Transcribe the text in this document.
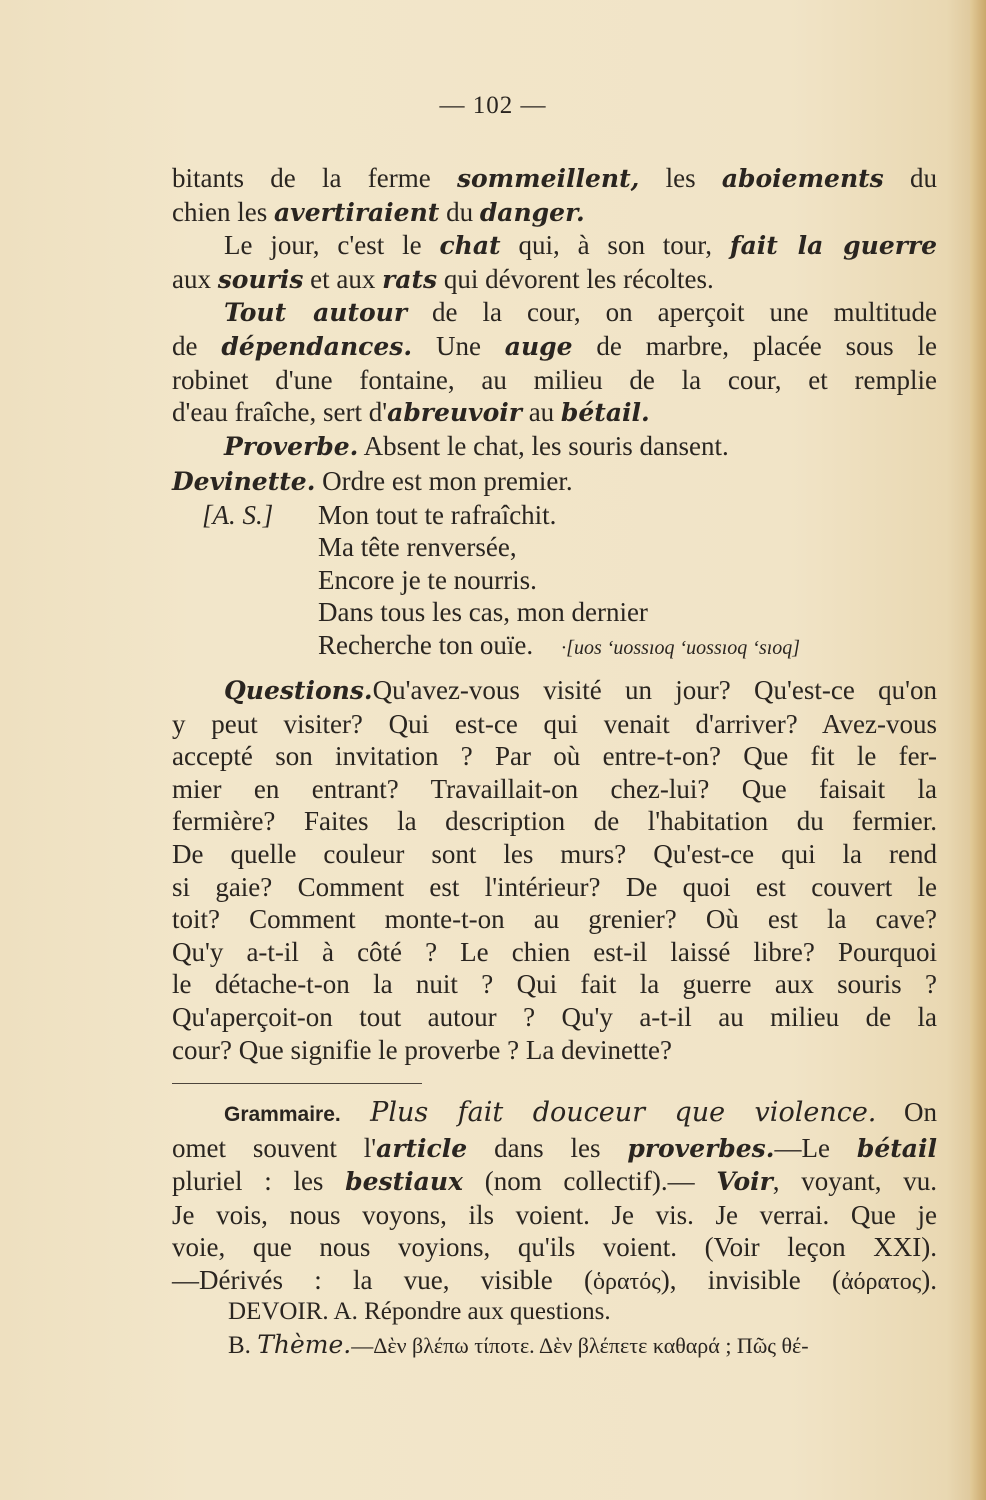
— 102 —
bitants de la ferme sommeillent, les aboiements du
chien les avertiraient du danger.
Le jour, c'est le chat qui, à son tour, fait la guerre
aux souris et aux rats qui dévorent les récoltes.
Tout autour de la cour, on aperçoit une multitude
de dépendances. Une auge de marbre, placée sous le
robinet d'une fontaine, au milieu de la cour, et remplie
d'eau fraîche, sert d'abreuvoir au bétail.
Proverbe. Absent le chat, les souris dansent.
Devinette. Ordre est mon premier.
[A. S.]	Mon tout te rafraîchit.
Ma tête renversée,
Encore je te nourris.
Dans tous les cas, mon dernier
Recherche ton ouïe. ·[uos ʻuossıoq ʻuossıoq ʻsıoq]
Questions.Qu'avez-vous visité un jour? Qu'est-ce qu'on
y peut visiter? Qui est-ce qui venait d'arriver? Avez-vous
accepté son invitation ? Par où entre-t-on? Que fit le fer-
mier en entrant? Travaillait-on chez-lui? Que faisait la
fermière? Faites la description de l'habitation du fermier.
De quelle couleur sont les murs? Qu'est-ce qui la rend
si gaie? Comment est l'intérieur? De quoi est couvert le
toit? Comment monte-t-on au grenier? Où est la cave?
Qu'y a-t-il à côté ? Le chien est-il laissé libre? Pourquoi
le détache-t-on la nuit ? Qui fait la guerre aux souris ?
Qu'aperçoit-on tout autour ? Qu'y a-t-il au milieu de la
cour? Que signifie le proverbe ? La devinette?
Grammaire. Plus fait douceur que violence. On
omet souvent l'article dans les proverbes.—Le bétail
pluriel : les bestiaux (nom collectif).— Voir, voyant, vu.
Je vois, nous voyons, ils voient. Je vis. Je verrai. Que je
voie, que nous voyions, qu'ils voient. (Voir leçon XXI).
—Dérivés : la vue, visible (ὁρατός), invisible (ἀόρατος).
DEVOIR. A. Répondre aux questions.
B. Thème.—Δὲν βλέπω τίποτε. Δὲν βλέπετε καθαρά ; Πῶς θέ-
